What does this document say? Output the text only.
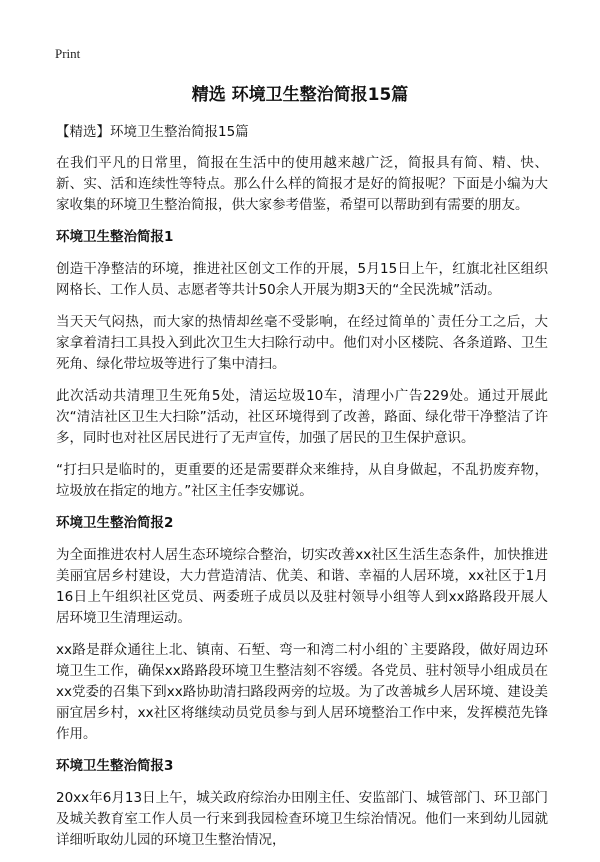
Print
精选 环境卫生整治简报15篇

【精选】环境卫生整治简报15篇

在我们平凡的日常里，简报在生活中的使用越来越广泛，简报具有简、精、快、新、实、活和连续性等特点。那么什么样的简报才是好的简报呢？下面是小编为大家收集的环境卫生整治简报，供大家参考借鉴，希望可以帮助到有需要的朋友。

环境卫生整治简报1

创造干净整洁的环境，推进社区创文工作的开展，5月15日上午，红旗北社区组织网格长、工作人员、志愿者等共计50余人开展为期3天的“全民洗城”活动。

当天天气闷热，而大家的热情却丝毫不受影响，在经过简单的`责任分工之后，大家拿着清扫工具投入到此次卫生大扫除行动中。他们对小区楼院、各条道路、卫生死角、绿化带垃圾等进行了集中清扫。

此次活动共清理卫生死角5处，清运垃圾10车，清理小广告229处。通过开展此次“清洁社区卫生大扫除”活动，社区环境得到了改善，路面、绿化带干净整洁了许多，同时也对社区居民进行了无声宣传，加强了居民的卫生保护意识。

“打扫只是临时的，更重要的还是需要群众来维持，从自身做起，不乱扔废弃物，垃圾放在指定的地方。”社区主任李安娜说。

环境卫生整治简报2

为全面推进农村人居生态环境综合整治，切实改善xx社区生活生态条件，加快推进美丽宜居乡村建设，大力营造清洁、优美、和谐、幸福的人居环境，xx社区于1月16日上午组织社区党员、两委班子成员以及驻村领导小组等人到xx路路段开展人居环境卫生清理运动。

xx路是群众通往上北、镇南、石堑、弯一和湾二村小组的`主要路段，做好周边环境卫生工作，确保xx路路段环境卫生整洁刻不容缓。各党员、驻村领导小组成员在xx党委的召集下到xx路协助清扫路段两旁的垃圾。为了改善城乡人居环境、建设美丽宜居乡村，xx社区将继续动员党员参与到人居环境整治工作中来，发挥模范先锋作用。

环境卫生整治简报3

20xx年6月13日上午，城关政府综治办田刚主任、安监部门、城管部门、环卫部门及城关教育室工作人员一行来到我园检查环境卫生综治情况。他们一来到幼儿园就详细听取幼儿园的环境卫生整治情况，
